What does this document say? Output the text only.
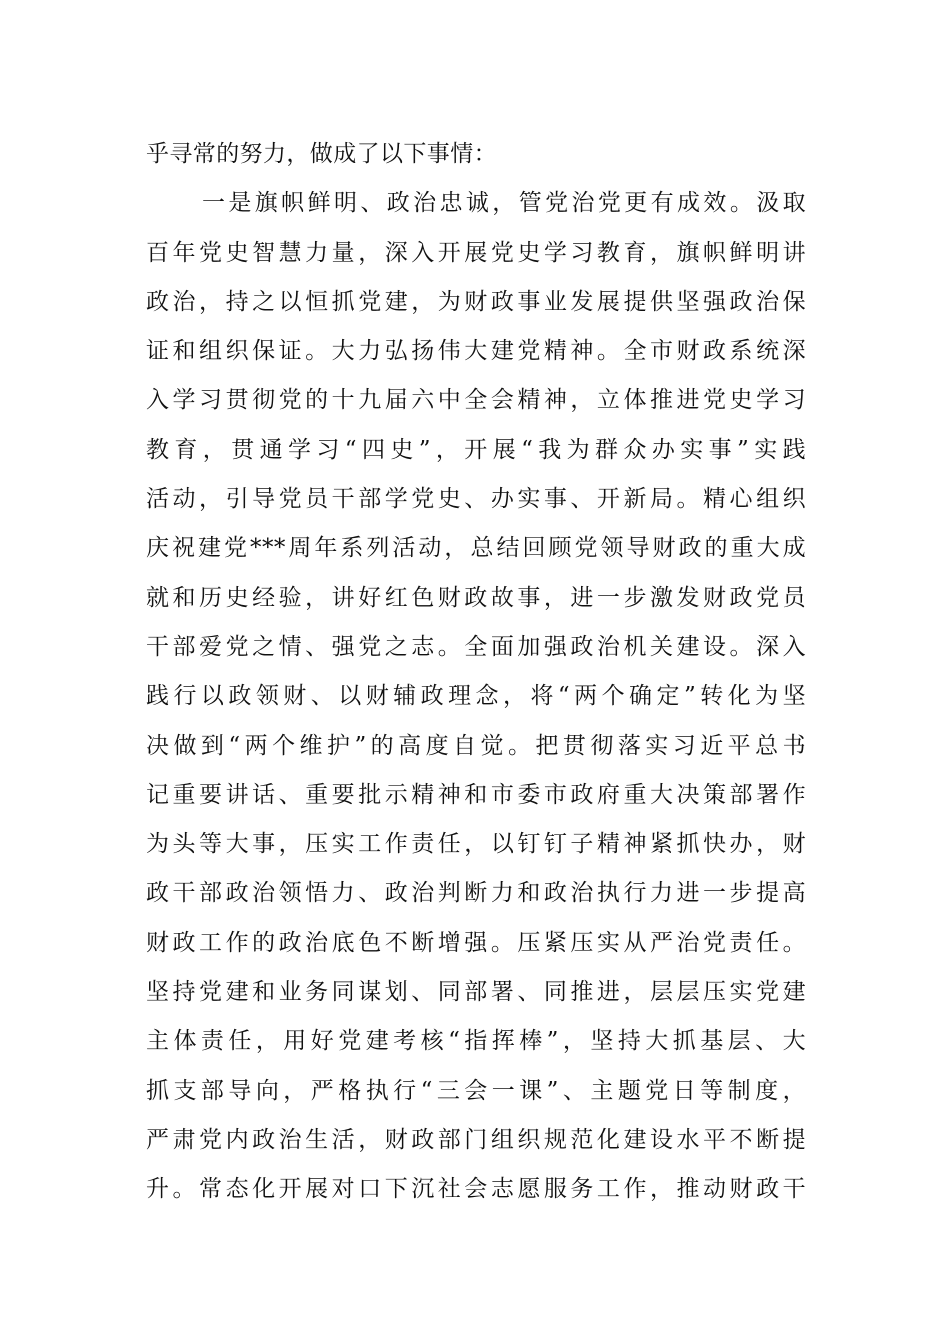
乎寻常的努力，做成了以下事情：
一是旗帜鲜明、政治忠诚，管党治党更有成效。汲取
百年党史智慧力量，深入开展党史学习教育，旗帜鲜明讲
政治，持之以恒抓党建，为财政事业发展提供坚强政治保
证和组织保证。大力弘扬伟大建党精神。全市财政系统深
入学习贯彻党的十九届六中全会精神，立体推进党史学习
教育，贯通学习“四史”，开展“我为群众办实事”实践
活动，引导党员干部学党史、办实事、开新局。精心组织
庆祝建党***周年系列活动，总结回顾党领导财政的重大成
就和历史经验，讲好红色财政故事，进一步激发财政党员
干部爱党之情、强党之志。全面加强政治机关建设。深入
践行以政领财、以财辅政理念，将“两个确定”转化为坚
决做到“两个维护”的高度自觉。把贯彻落实习近平总书
记重要讲话、重要批示精神和市委市政府重大决策部署作
为头等大事，压实工作责任，以钉钉子精神紧抓快办，财
政干部政治领悟力、政治判断力和政治执行力进一步提高
财政工作的政治底色不断增强。压紧压实从严治党责任。
坚持党建和业务同谋划、同部署、同推进，层层压实党建
主体责任，用好党建考核“指挥棒”，坚持大抓基层、大
抓支部导向，严格执行“三会一课”、主题党日等制度，
严肃党内政治生活，财政部门组织规范化建设水平不断提
升。常态化开展对口下沉社会志愿服务工作，推动财政干
